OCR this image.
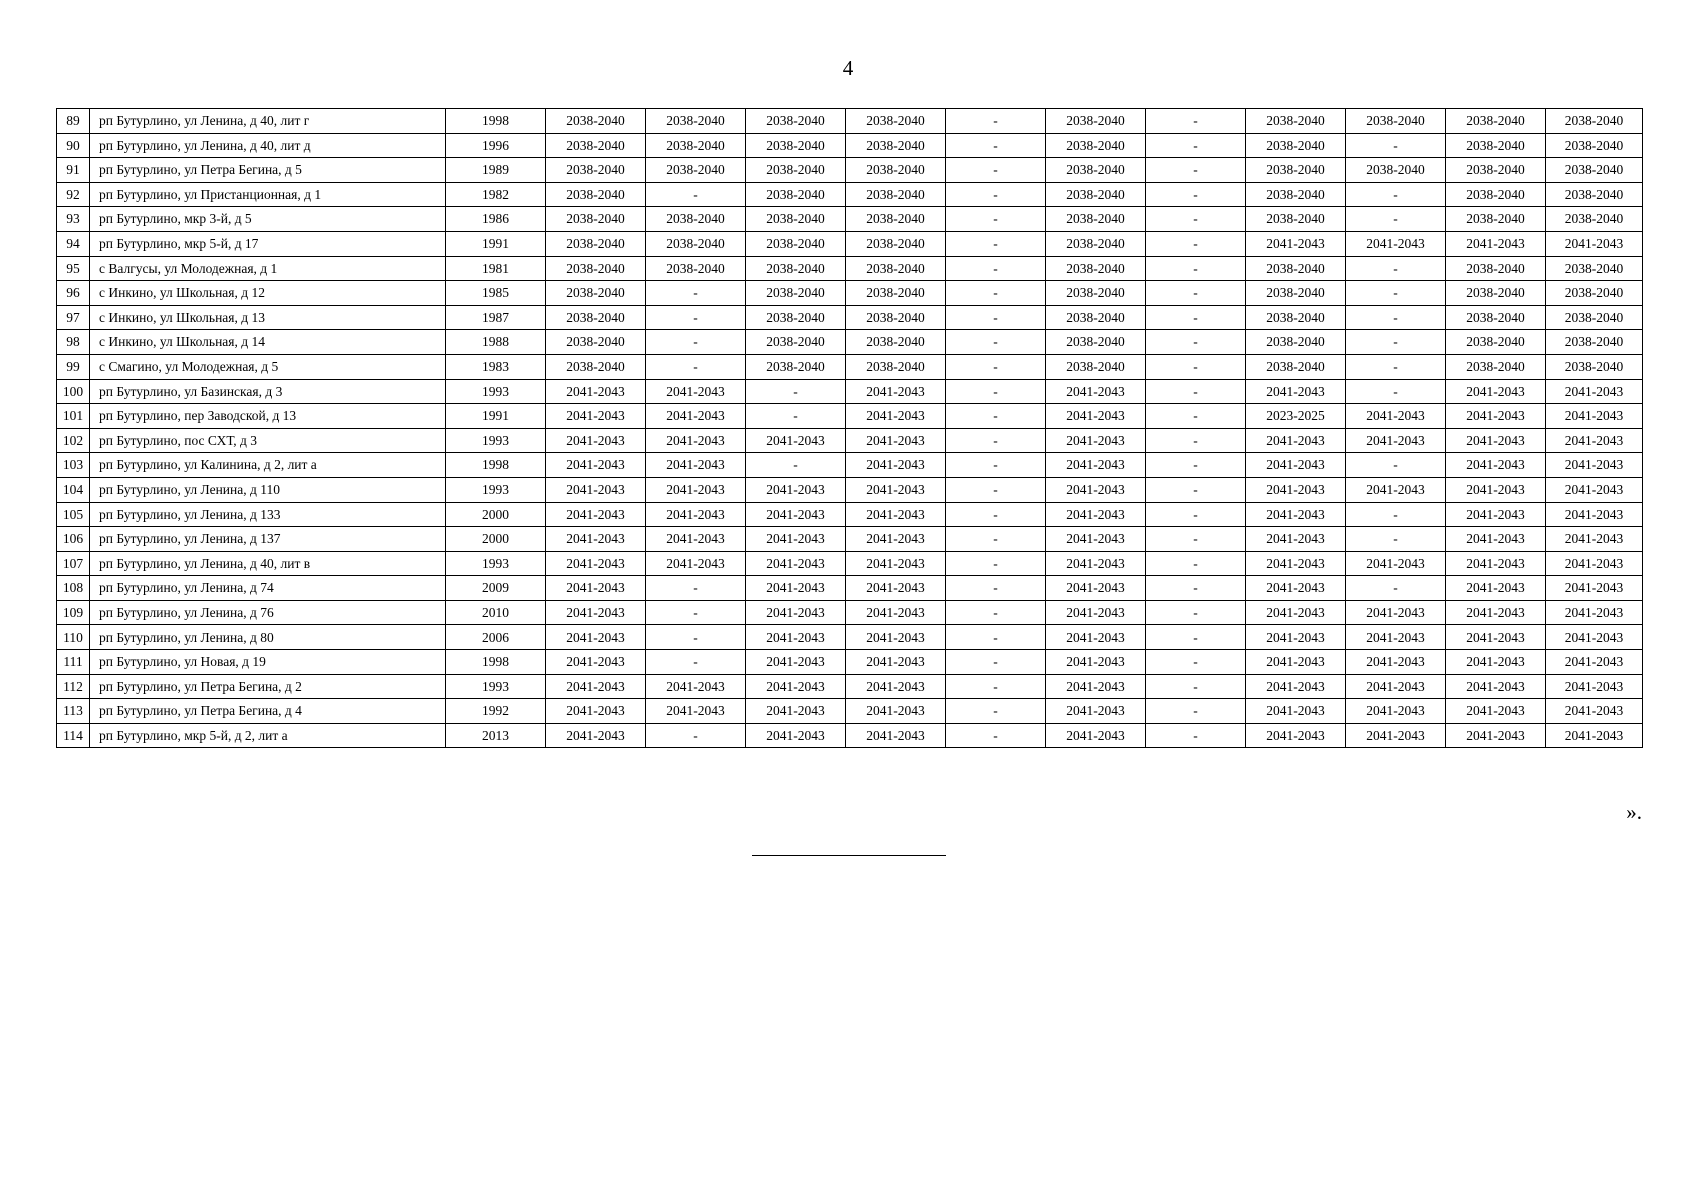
4
89	рп Бутурлино, ул Ленина, д 40, лит г	1998	2038-2040	2038-2040	2038-2040	2038-2040	-	2038-2040	-	2038-2040	2038-2040	2038-2040	2038-2040
90	рп Бутурлино, ул Ленина, д 40, лит д	1996	2038-2040	2038-2040	2038-2040	2038-2040	-	2038-2040	-	2038-2040	-	2038-2040	2038-2040
91	рп Бутурлино, ул Петра Бегина, д 5	1989	2038-2040	2038-2040	2038-2040	2038-2040	-	2038-2040	-	2038-2040	2038-2040	2038-2040	2038-2040
92	рп Бутурлино, ул Пристанционная, д 1	1982	2038-2040	-	2038-2040	2038-2040	-	2038-2040	-	2038-2040	-	2038-2040	2038-2040
93	рп Бутурлино, мкр 3-й, д 5	1986	2038-2040	2038-2040	2038-2040	2038-2040	-	2038-2040	-	2038-2040	-	2038-2040	2038-2040
94	рп Бутурлино, мкр 5-й, д 17	1991	2038-2040	2038-2040	2038-2040	2038-2040	-	2038-2040	-	2041-2043	2041-2043	2041-2043	2041-2043
95	с Валгусы, ул Молодежная, д 1	1981	2038-2040	2038-2040	2038-2040	2038-2040	-	2038-2040	-	2038-2040	-	2038-2040	2038-2040
96	с Инкино, ул Школьная, д 12	1985	2038-2040	-	2038-2040	2038-2040	-	2038-2040	-	2038-2040	-	2038-2040	2038-2040
97	с Инкино, ул Школьная, д 13	1987	2038-2040	-	2038-2040	2038-2040	-	2038-2040	-	2038-2040	-	2038-2040	2038-2040
98	с Инкино, ул Школьная, д 14	1988	2038-2040	-	2038-2040	2038-2040	-	2038-2040	-	2038-2040	-	2038-2040	2038-2040
99	с Смагино, ул Молодежная, д 5	1983	2038-2040	-	2038-2040	2038-2040	-	2038-2040	-	2038-2040	-	2038-2040	2038-2040
100	рп Бутурлино, ул Базинская, д 3	1993	2041-2043	2041-2043	-	2041-2043	-	2041-2043	-	2041-2043	-	2041-2043	2041-2043
101	рп Бутурлино, пер Заводской, д 13	1991	2041-2043	2041-2043	-	2041-2043	-	2041-2043	-	2023-2025	2041-2043	2041-2043	2041-2043
102	рп Бутурлино, пос СХТ, д 3	1993	2041-2043	2041-2043	2041-2043	2041-2043	-	2041-2043	-	2041-2043	2041-2043	2041-2043	2041-2043
103	рп Бутурлино, ул Калинина, д 2, лит а	1998	2041-2043	2041-2043	-	2041-2043	-	2041-2043	-	2041-2043	-	2041-2043	2041-2043
104	рп Бутурлино, ул Ленина, д 110	1993	2041-2043	2041-2043	2041-2043	2041-2043	-	2041-2043	-	2041-2043	2041-2043	2041-2043	2041-2043
105	рп Бутурлино, ул Ленина, д 133	2000	2041-2043	2041-2043	2041-2043	2041-2043	-	2041-2043	-	2041-2043	-	2041-2043	2041-2043
106	рп Бутурлино, ул Ленина, д 137	2000	2041-2043	2041-2043	2041-2043	2041-2043	-	2041-2043	-	2041-2043	-	2041-2043	2041-2043
107	рп Бутурлино, ул Ленина, д 40, лит в	1993	2041-2043	2041-2043	2041-2043	2041-2043	-	2041-2043	-	2041-2043	2041-2043	2041-2043	2041-2043
108	рп Бутурлино, ул Ленина, д 74	2009	2041-2043	-	2041-2043	2041-2043	-	2041-2043	-	2041-2043	-	2041-2043	2041-2043
109	рп Бутурлино, ул Ленина, д 76	2010	2041-2043	-	2041-2043	2041-2043	-	2041-2043	-	2041-2043	2041-2043	2041-2043	2041-2043
110	рп Бутурлино, ул Ленина, д 80	2006	2041-2043	-	2041-2043	2041-2043	-	2041-2043	-	2041-2043	2041-2043	2041-2043	2041-2043
111	рп Бутурлино, ул Новая, д 19	1998	2041-2043	-	2041-2043	2041-2043	-	2041-2043	-	2041-2043	2041-2043	2041-2043	2041-2043
112	рп Бутурлино, ул Петра Бегина, д 2	1993	2041-2043	2041-2043	2041-2043	2041-2043	-	2041-2043	-	2041-2043	2041-2043	2041-2043	2041-2043
113	рп Бутурлино, ул Петра Бегина, д 4	1992	2041-2043	2041-2043	2041-2043	2041-2043	-	2041-2043	-	2041-2043	2041-2043	2041-2043	2041-2043
114	рп Бутурлино, мкр 5-й, д 2, лит а	2013	2041-2043	-	2041-2043	2041-2043	-	2041-2043	-	2041-2043	2041-2043	2041-2043	2041-2043
».
